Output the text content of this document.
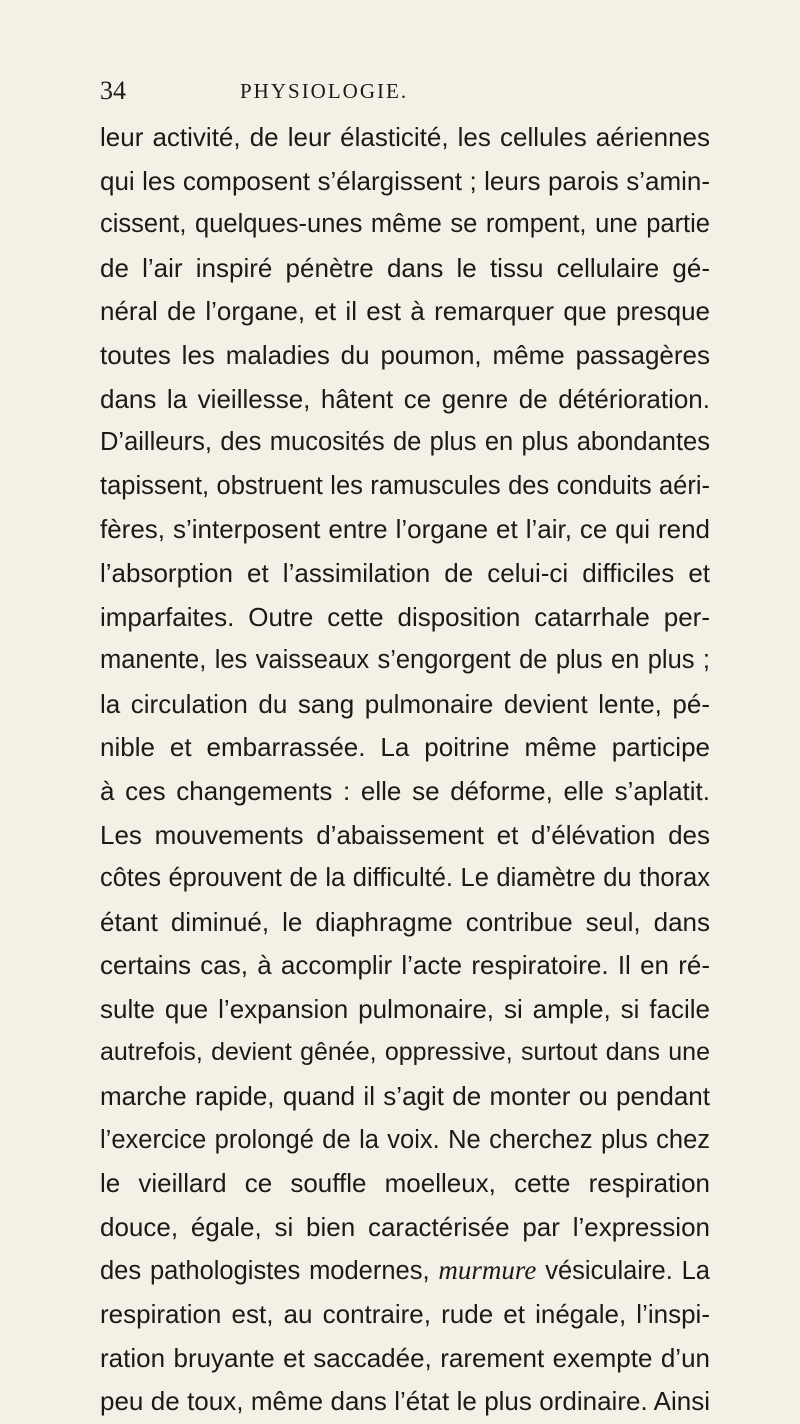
34	PHYSIOLOGIE.
leur activité, de leur élasticité, les cellules aériennes
qui les composent s’élargissent ; leurs parois s’amin-
cissent, quelques-unes même se rompent, une partie
de l’air inspiré pénètre dans le tissu cellulaire gé-
néral de l’organe, et il est à remarquer que presque
toutes les maladies du poumon, même passagères
dans la vieillesse, hâtent ce genre de détérioration.
D’ailleurs, des mucosités de plus en plus abondantes
tapissent, obstruent les ramuscules des conduits aéri-
fères, s’interposent entre l’organe et l’air, ce qui rend
l’absorption et l’assimilation de celui-ci difficiles et
imparfaites. Outre cette disposition catarrhale per-
manente, les vaisseaux s’engorgent de plus en plus ;
la circulation du sang pulmonaire devient lente, pé-
nible et embarrassée. La poitrine même participe
à ces changements : elle se déforme, elle s’aplatit.
Les mouvements d’abaissement et d’élévation des
côtes éprouvent de la difficulté. Le diamètre du thorax
étant diminué, le diaphragme contribue seul, dans
certains cas, à accomplir l’acte respiratoire. Il en ré-
sulte que l’expansion pulmonaire, si ample, si facile
autrefois, devient gênée, oppressive, surtout dans une
marche rapide, quand il s’agit de monter ou pendant
l’exercice prolongé de la voix. Ne cherchez plus chez
le vieillard ce souffle moelleux, cette respiration
douce, égale, si bien caractérisée par l’expression
des pathologistes modernes, murmure vésiculaire. La
respiration est, au contraire, rude et inégale, l’inspi-
ration bruyante et saccadée, rarement exempte d’un
peu de toux, même dans l’état le plus ordinaire. Ainsi
